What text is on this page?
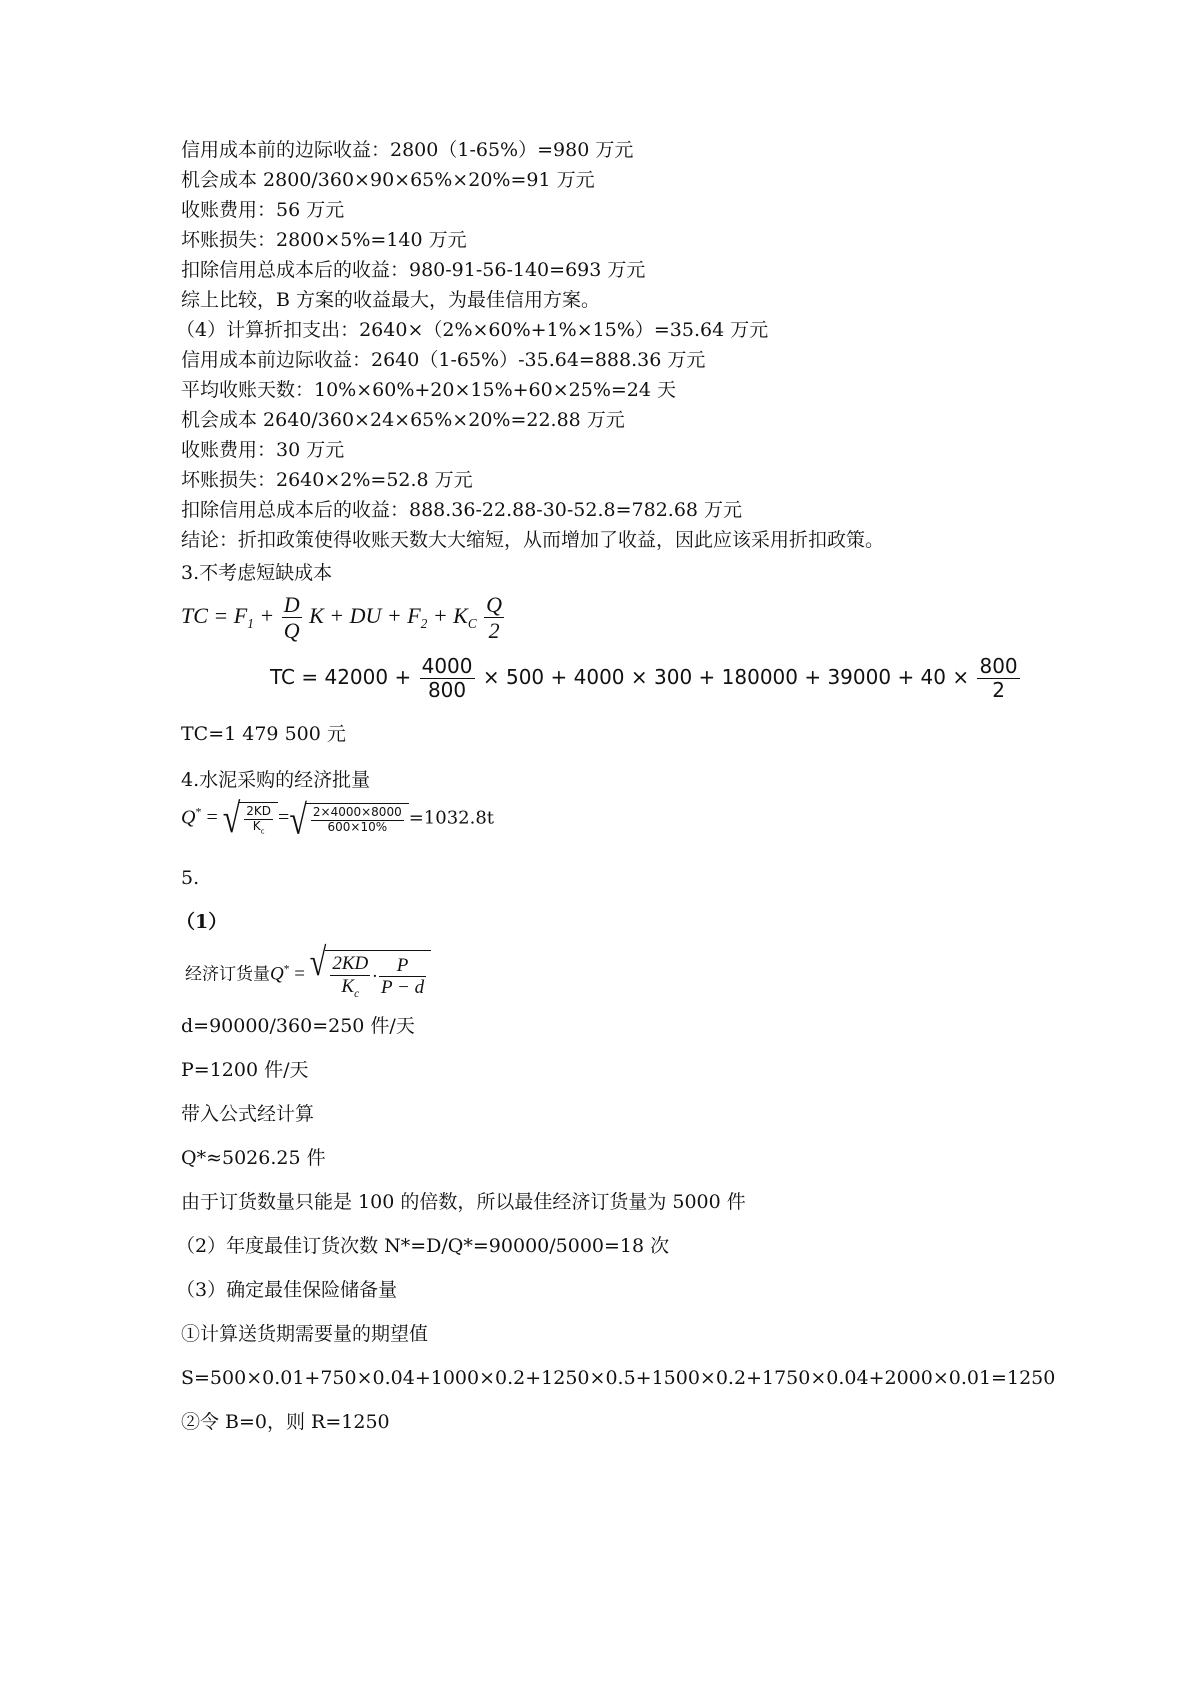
信用成本前的边际收益：2800（1-65%）=980 万元
机会成本 2800/360×90×65%×20%=91 万元
收账费用：56 万元
坏账损失：2800×5%=140 万元
扣除信用总成本后的收益：980-91-56-140=693 万元
综上比较，B 方案的收益最大，为最佳信用方案。
（4）计算折扣支出：2640×（2%×60%+1%×15%）=35.64 万元
信用成本前边际收益：2640（1-65%）-35.64=888.36 万元
平均收账天数：10%×60%+20×15%+60×25%=24 天
机会成本 2640/360×24×65%×20%=22.88 万元
收账费用：30 万元
坏账损失：2640×2%=52.8 万元
扣除信用总成本后的收益：888.36-22.88-30-52.8=782.68 万元
结论：折扣政策使得收账天数大大缩短，从而增加了收益，因此应该采用折扣政策。
3.不考虑短缺成本
TC = $F_1 + \frac{D}{Q}$ K + DU + $F_2 + K_C \frac{Q}{2}$
TC = $42000 + \frac{4000}{800} \times 500 + 4000 \times 300 + 180000 + 39000 + 40 \times \frac{800}{2}$
TC=1 479 500 元
4.水泥采购的经济批量
Q* = √ $\frac{2KD}{K_c}$ = √ $\frac{2\times 4000\times 8000}{600\times 10\%} =1032.8t$
5.
（1）
经济订货量Q* = √ $\frac{2KD}{K_c} \cdot \frac{P}{P - d}$
d=90000/360=250 件/天
P=1200 件/天
带入公式经计算
Q*≈5026.25 件
由于订货数量只能是 100 的倍数，所以最佳经济订货量为 5000 件
（2）年度最佳订货次数 N*=D/Q*=90000/5000=18 次
（3）确定最佳保险储备量
①计算送货期需要量的期望值
S=500×0.01+750×0.04+1000×0.2+1250×0.5+1500×0.2+1750×0.04+2000×0.01=1250
②令 B=0，则 R=1250
